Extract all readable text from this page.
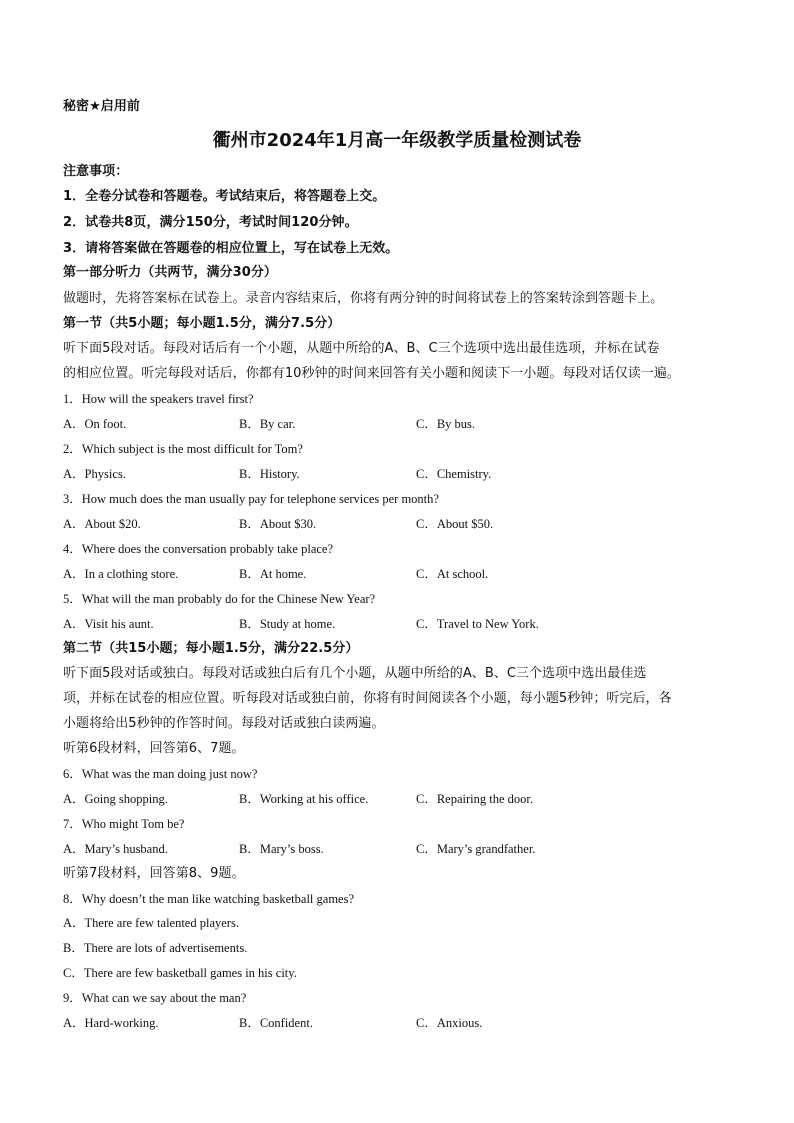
秘密★启用前
衢州市2024年1月高一年级教学质量检测试卷
注意事项：
1．全卷分试卷和答题卷。考试结束后，将答题卷上交。
2．试卷共8页，满分150分，考试时间120分钟。
3．请将答案做在答题卷的相应位置上，写在试卷上无效。
第一部分听力（共两节，满分30分）
做题时，先将答案标在试卷上。录音内容结束后，你将有两分钟的时间将试卷上的答案转涂到答题卡上。
第一节（共5小题；每小题1.5分，满分7.5分）
听下面5段对话。每段对话后有一个小题，从题中所给的A、B、C三个选项中选出最佳选项，并标在试卷
的相应位置。听完每段对话后，你都有10秒钟的时间来回答有关小题和阅读下一小题。每段对话仅读一遍。
1．How will the speakers travel first?
A．On foot.	B．By car.	C．By bus.
2．Which subject is the most difficult for Tom?
A．Physics.	B．History.	C．Chemistry.
3．How much does the man usually pay for telephone services per month?
A．About $20.	B．About $30.	C．About $50.
4．Where does the conversation probably take place?
A．In a clothing store.	B．At home.	C．At school.
5．What will the man probably do for the Chinese New Year?
A．Visit his aunt.	B．Study at home.	C．Travel to New York.
第二节（共15小题；每小题1.5分，满分22.5分）
听下面5段对话或独白。每段对话或独白后有几个小题，从题中所给的A、B、C三个选项中选出最佳选
项，并标在试卷的相应位置。听每段对话或独白前，你将有时间阅读各个小题，每小题5秒钟；听完后，各
小题将给出5秒钟的作答时间。每段对话或独白读两遍。
听第6段材料，回答第6、7题。
6．What was the man doing just now?
A．Going shopping.	B．Working at his office.	C．Repairing the door.
7．Who might Tom be?
A．Mary’s husband.	B．Mary’s boss.	C．Mary’s grandfather.
听第7段材料，回答第8、9题。
8．Why doesn’t the man like watching basketball games?
A．There are few talented players.
B．There are lots of advertisements.
C．There are few basketball games in his city.
9．What can we say about the man?
A．Hard-working.	B．Confident.	C．Anxious.
